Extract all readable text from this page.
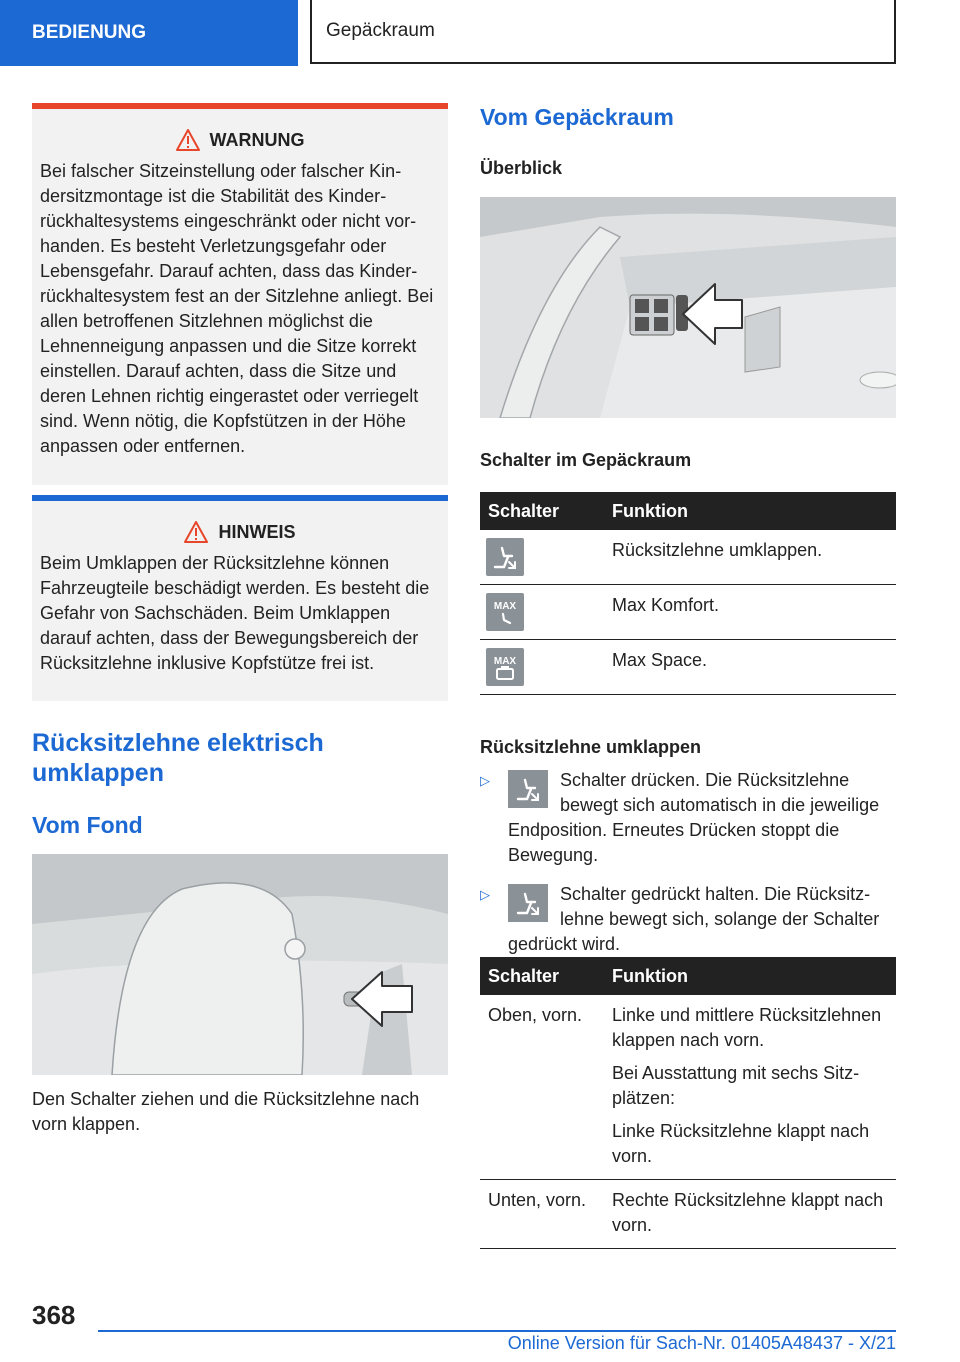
BEDIENUNG	Gepäckraum
WARNUNG
Bei falscher Sitzeinstellung oder falscher Kindersitzmontage ist die Stabilität des Kinderrückhaltesystems eingeschränkt oder nicht vorhanden. Es besteht Verletzungsgefahr oder Lebensgefahr. Darauf achten, dass das Kinderrückhaltesystem fest an der Sitzlehne anliegt. Bei allen betroffenen Sitzlehnen möglichst die Lehnenneigung anpassen und die Sitze korrekt einstellen. Darauf achten, dass die Sitze und deren Lehnen richtig eingerastet oder verriegelt sind. Wenn nötig, die Kopfstützen in der Höhe anpassen oder entfernen.
HINWEIS
Beim Umklappen der Rücksitzlehne können Fahrzeugteile beschädigt werden. Es besteht die Gefahr von Sachschäden. Beim Umklappen darauf achten, dass der Bewegungsbereich der Rücksitzlehne inklusive Kopfstütze frei ist.
Rücksitzlehne elektrisch umklappen
Vom Fond
Den Schalter ziehen und die Rücksitzlehne nach vorn klappen.
Vom Gepäckraum
Überblick
Schalter im Gepäckraum
Schalter	Funktion

	Rücksitzlehne umklappen.

MAX	Max Komfort.

MAX	Max Space.
Rücksitzlehne umklappen
▷	Schalter drücken. Die Rücksitzlehne bewegt sich automatisch in die jeweilige Endposition. Erneutes Drücken stoppt die Bewegung.
▷	Schalter gedrückt halten. Die Rücksitzlehne bewegt sich, solange der Schalter gedrückt wird.
Schalter	Funktion
Oben, vorn.	Linke und mittlere Rücksitzlehnen klappen nach vorn.

Bei Ausstattung mit sechs Sitzplätzen:

Linke Rücksitzlehne klappt nach vorn.

Unten, vorn.	Rechte Rücksitzlehne klappt nach vorn.

368
Online Version für Sach-Nr. 01405A48437 - X/21
